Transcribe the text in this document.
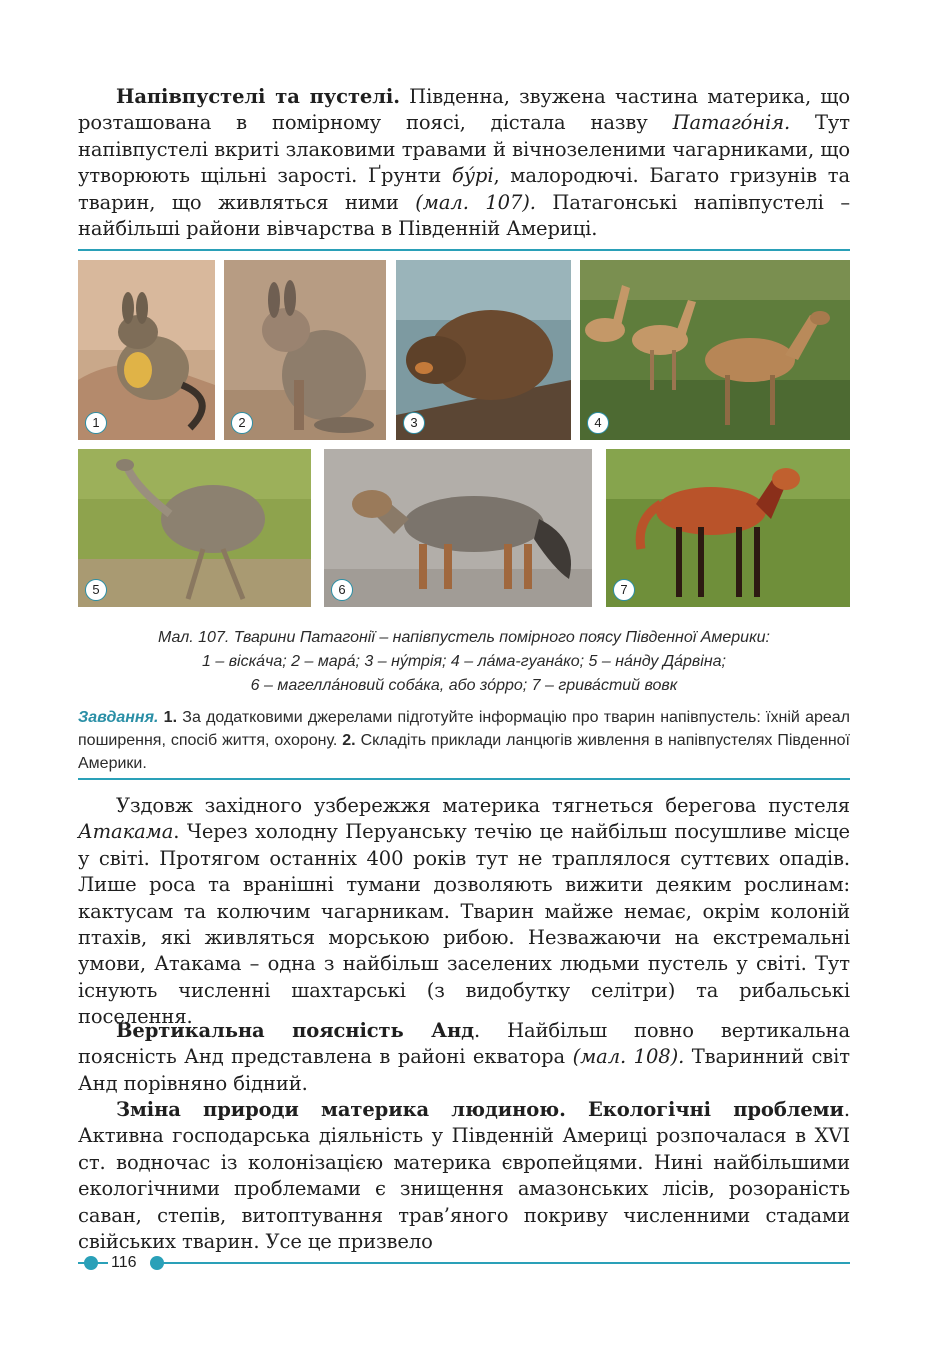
Напівпустелі та пустелі. Південна, звужена частина материка, що розташована в помірному поясі, дістала назву Патаго́нія. Тут напівпустелі вкриті злаковими травами й вічнозеленими чагарниками, що утворюють щільні зарості. Ґрунти бу́рі, малородючі. Багато гризунів та тварин, що живляться ними (мал. 107). Патагонські напівпустелі – найбільші райони вівчарства в Південній Америці.

1	2	3	4
5	6	7

Мал. 107. Тварини Патагонії – напівпустель помірного поясу Південної Америки:
1 – віска́ча; 2 – мара́; 3 – ну́трія; 4 – ла́ма-гуана́ко; 5 – на́нду Да́рвіна;
6 – магелла́новий соба́ка, або зо́рро; 7 – грива́стий вовк

Завдання. 1. За додатковими джерелами підготуйте інформацію про тварин напівпустель: їхній ареал поширення, спосіб життя, охорону. 2. Складіть приклади ланцюгів живлення в напівпустелях Південної Америки.

Уздовж західного узбережжя материка тягнеться берегова пустеля Атакама. Через холодну Перуанську течію це найбільш посушливе місце у світі. Протягом останніх 400 років тут не траплялося суттєвих опадів. Лише роса та вранішні тумани дозволяють вижити деяким рослинам: кактусам та колючим чагарникам. Тварин майже немає, окрім колоній птахів, які живляться морською рибою. Незважаючи на екстремальні умови, Атакама – одна з найбільш заселених людьми пустель у світі. Тут існують численні шахтарські (з видобутку селітри) та рибальські поселення.

Вертикальна поясність Анд. Найбільш повно вертикальна поясність Анд представлена в районі екватора (мал. 108). Тваринний світ Анд порівняно бідний.

Зміна природи материка людиною. Екологічні проблеми. Активна господарська діяльність у Південній Америці розпочалася в XVI ст. водночас із колонізацією материка європейцями. Нині найбільшими екологічними проблемами є знищення амазонських лісів, розораність саван, степів, витоптування трав’яного покриву численними стадами свійських тварин. Усе це призвело

116
